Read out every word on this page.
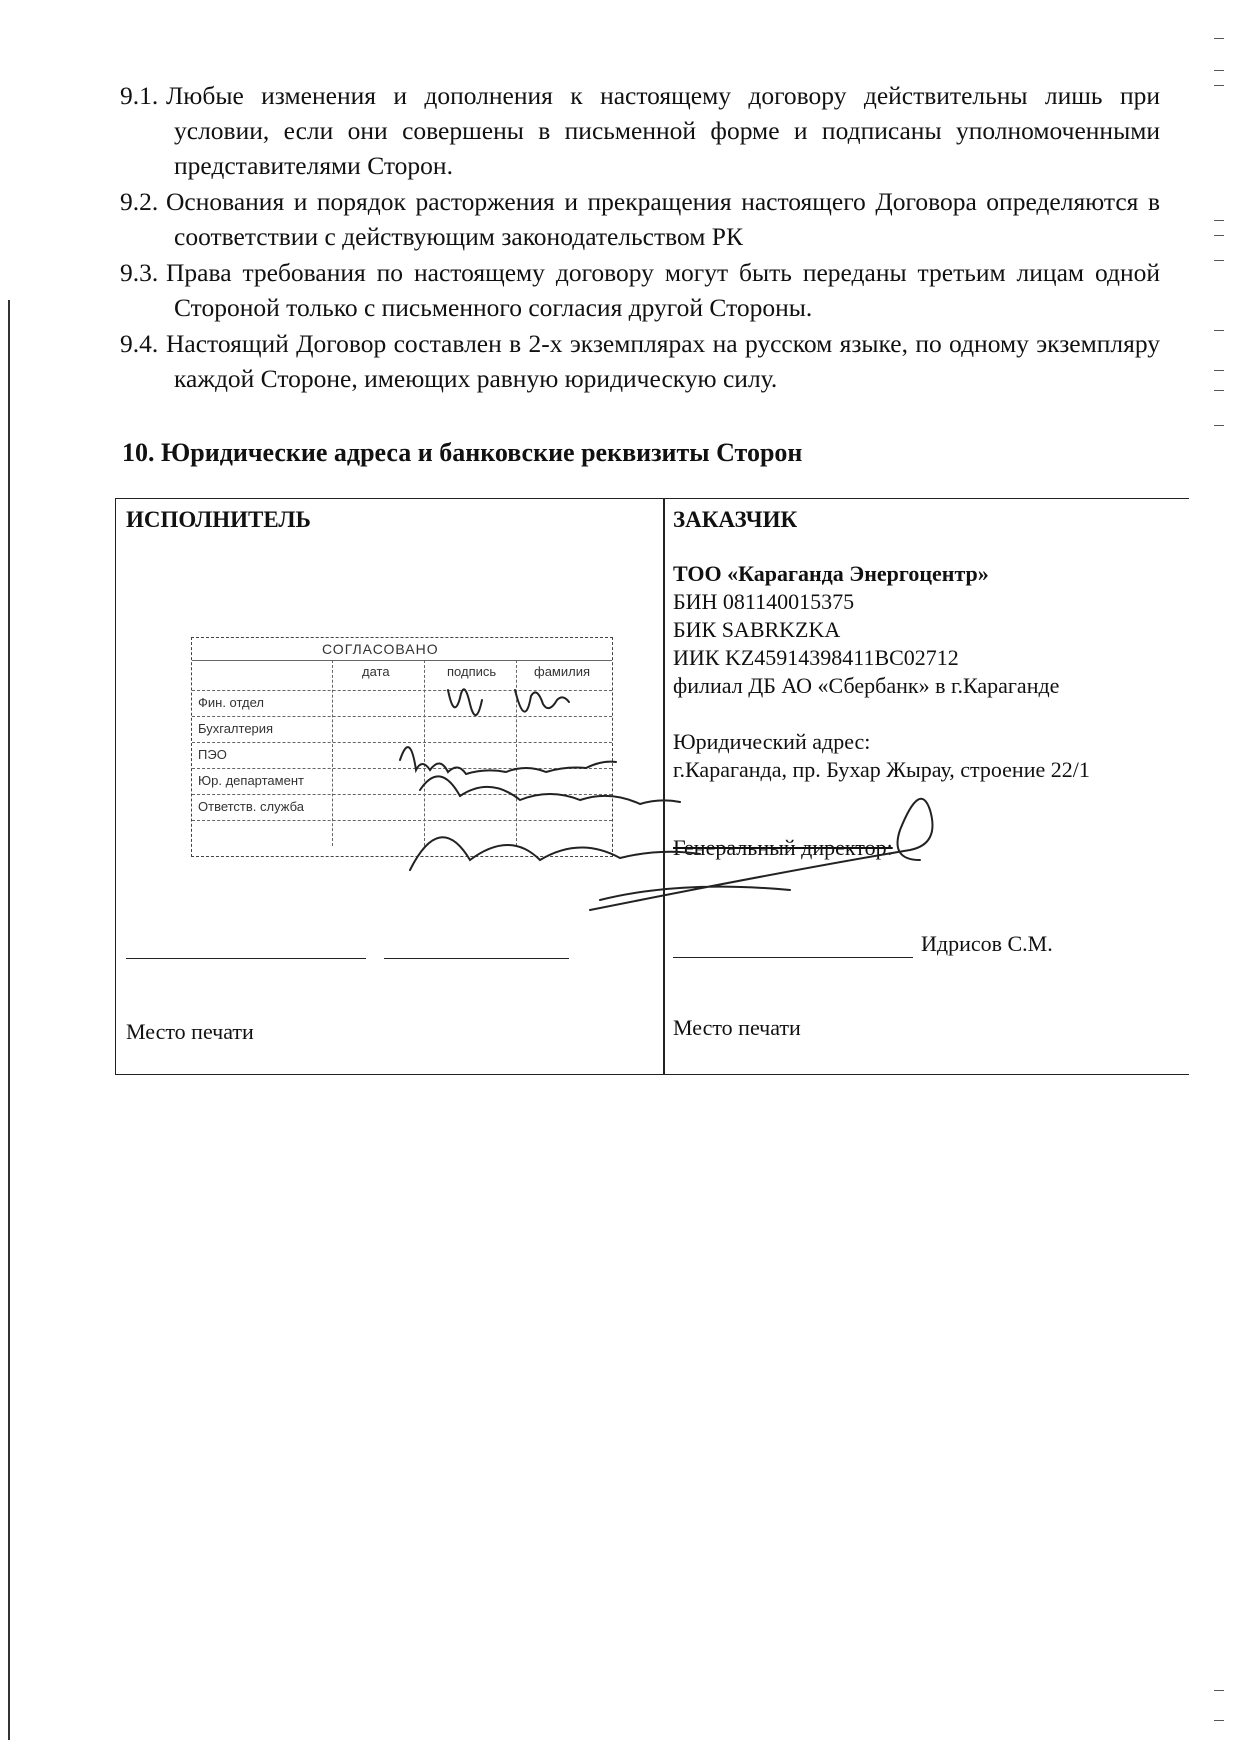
9.1. Любые изменения и дополнения к настоящему договору действительны лишь при условии, если они совершены в письменной форме и подписаны уполномоченными представителями Сторон.
9.2. Основания и порядок расторжения и прекращения настоящего Договора определяются в соответствии с действующим законодательством РК
9.3. Права требования по настоящему договору могут быть переданы третьим лицам одной Стороной только с письменного согласия другой Стороны.
9.4. Настоящий Договор составлен в 2-х экземплярах на русском языке, по одному экземпляру каждой Стороне, имеющих равную юридическую силу.
10. Юридические адреса и банковские реквизиты Сторон
ИСПОЛНИТЕЛЬ
СОГЛАСОВАНО
дата	подпись	фамилия
Фин. отдел
Бухгалтерия
ПЭО
Юр. департамент
Ответств. служба
Место печати
ЗАКАЗЧИК
ТОО «Караганда Энергоцентр»
БИН 081140015375
БИК SABRKZKA
ИИК KZ45914398411BC02712
филиал ДБ АО «Сбербанк» в г.Караганде
Юридический адрес:
г.Караганда, пр. Бухар Жырау, строение 22/1
Генеральный директор:
Идрисов С.М.
Место печати
